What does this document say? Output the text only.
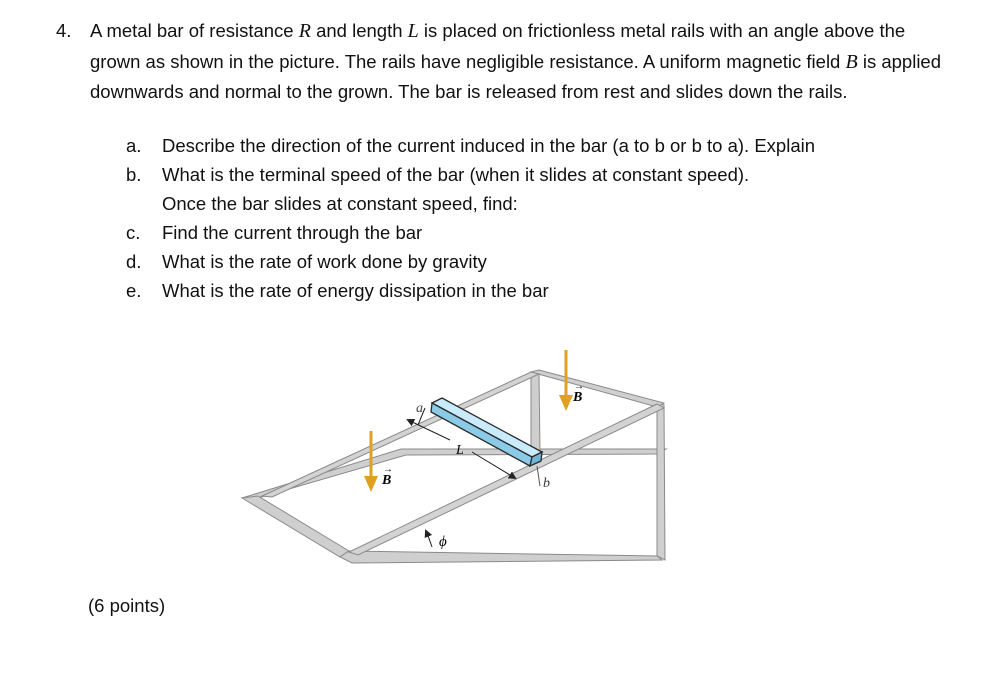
4. A metal bar of resistance R and length L is placed on frictionless metal rails with an angle above the grown as shown in the picture. The rails have negligible resistance. A uniform magnetic field B is applied downwards and normal to the grown. The bar is released from rest and slides down the rails.
a. Describe the direction of the current induced in the bar (a to b or b to a). Explain
b. What is the terminal speed of the bar (when it slides at constant speed).
Once the bar slides at constant speed, find:
c. Find the current through the bar
d. What is the rate of work done by gravity
e. What is the rate of energy dissipation in the bar
L
a
b
B
→
B
→
ϕ
(6 points)
